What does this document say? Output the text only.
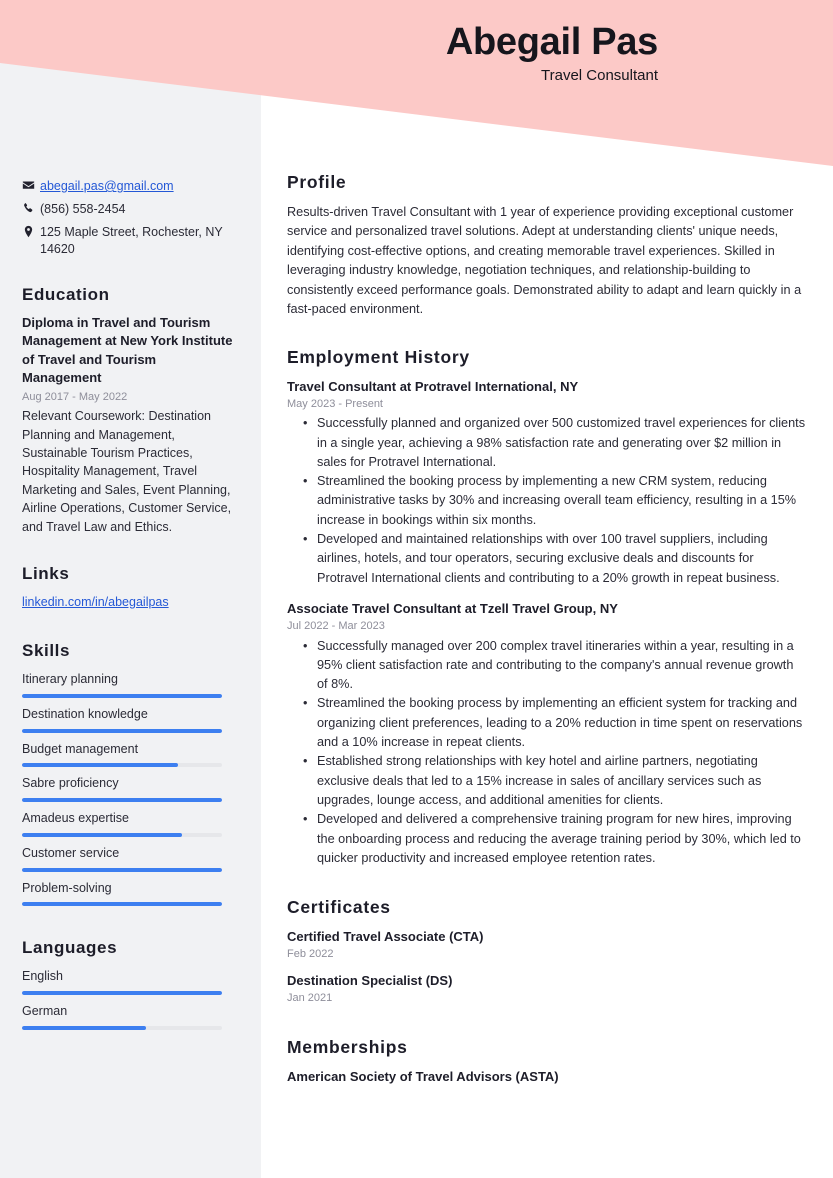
Abegail Pas
Travel Consultant
abegail.pas@gmail.com
(856) 558-2454
125 Maple Street, Rochester, NY 14620
Education
Diploma in Travel and Tourism Management at New York Institute of Travel and Tourism Management
Aug 2017 - May 2022
Relevant Coursework: Destination Planning and Management, Sustainable Tourism Practices, Hospitality Management, Travel Marketing and Sales, Event Planning, Airline Operations, Customer Service, and Travel Law and Ethics.
Links
linkedin.com/in/abegailpas
Skills
Itinerary planning
Destination knowledge
Budget management
Sabre proficiency
Amadeus expertise
Customer service
Problem-solving
Languages
English
German
Profile
Results-driven Travel Consultant with 1 year of experience providing exceptional customer service and personalized travel solutions. Adept at understanding clients' unique needs, identifying cost-effective options, and creating memorable travel experiences. Skilled in leveraging industry knowledge, negotiation techniques, and relationship-building to consistently exceed performance goals. Demonstrated ability to adapt and learn quickly in a fast-paced environment.
Employment History
Travel Consultant at Protravel International, NY
May 2023 - Present
• Successfully planned and organized over 500 customized travel experiences for clients in a single year, achieving a 98% satisfaction rate and generating over $2 million in sales for Protravel International.
• Streamlined the booking process by implementing a new CRM system, reducing administrative tasks by 30% and increasing overall team efficiency, resulting in a 15% increase in bookings within six months.
• Developed and maintained relationships with over 100 travel suppliers, including airlines, hotels, and tour operators, securing exclusive deals and discounts for Protravel International clients and contributing to a 20% growth in repeat business.
Associate Travel Consultant at Tzell Travel Group, NY
Jul 2022 - Mar 2023
• Successfully managed over 200 complex travel itineraries within a year, resulting in a 95% client satisfaction rate and contributing to the company's annual revenue growth of 8%.
• Streamlined the booking process by implementing an efficient system for tracking and organizing client preferences, leading to a 20% reduction in time spent on reservations and a 10% increase in repeat clients.
• Established strong relationships with key hotel and airline partners, negotiating exclusive deals that led to a 15% increase in sales of ancillary services such as upgrades, lounge access, and additional amenities for clients.
• Developed and delivered a comprehensive training program for new hires, improving the onboarding process and reducing the average training period by 30%, which led to quicker productivity and increased employee retention rates.
Certificates
Certified Travel Associate (CTA)
Feb 2022
Destination Specialist (DS)
Jan 2021
Memberships
American Society of Travel Advisors (ASTA)
